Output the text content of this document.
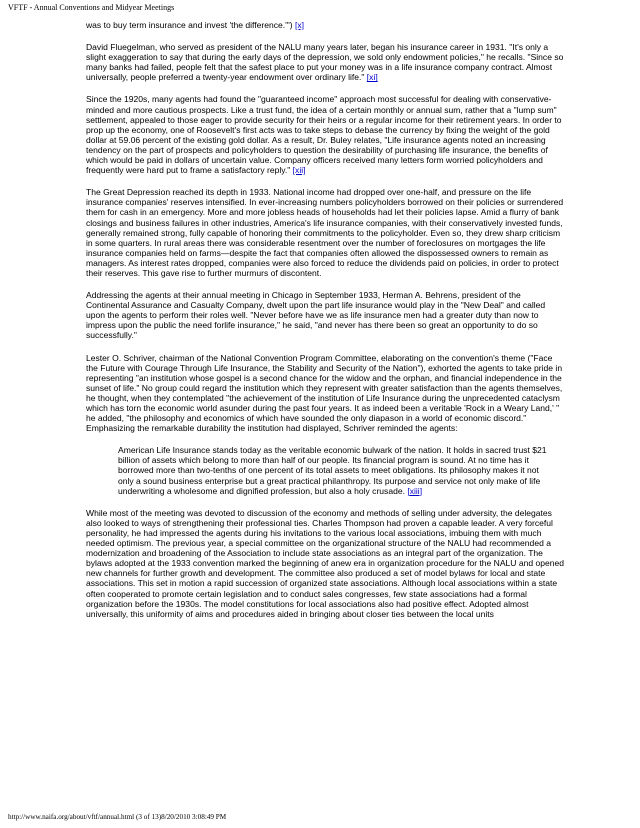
VFTF - Annual Conventions and Midyear Meetings

was to buy term insurance and invest 'the difference.'") [x]

David Fluegelman, who served as president of the NALU many years later, began his insurance career in 1931. "It's only a slight exaggeration to say that during the early days of the depression, we sold only endowment policies," he recalls. "Since so many banks had failed, people felt that the safest place to put your money was in a life insurance company contract. Almost universally, people preferred a twenty-year endowment over ordinary life." [xi]

Since the 1920s, many agents had found the "guaranteed income" approach most successful for dealing with conservative-minded and more cautious prospects. Like a trust fund, the idea of a certain monthly or annual sum, rather that a "lump sum" settlement, appealed to those eager to provide security for their heirs or a regular income for their retirement years. In order to prop up the economy, one of Roosevelt's first acts was to take steps to debase the currency by fixing the weight of the gold dollar at 59.06 percent of the existing gold dollar. As a result, Dr. Buley relates, "Life insurance agents noted an increasing tendency on the part of prospects and policyholders to question the desirability of purchasing life insurance, the benefits of which would be paid in dollars of uncertain value. Company officers received many letters form worried policyholders and frequently were hard put to frame a satisfactory reply." [xii]

The Great Depression reached its depth in 1933. National income had dropped over one-half, and pressure on the life insurance companies' reserves intensified. In ever-increasing numbers policyholders borrowed on their policies or surrendered them for cash in an emergency. More and more jobless heads of households had let their policies lapse. Amid a flurry of bank closings and business failures in other industries, America's life insurance companies, with their conservatively invested funds, generally remained strong, fully capable of honoring their commitments to the policyholder. Even so, they drew sharp criticism in some quarters. In rural areas there was considerable resentment over the number of foreclosures on mortgages the life insurance companies held on farms—despite the fact that companies often allowed the dispossessed owners to remain as managers. As interest rates dropped, companies were also forced to reduce the dividends paid on policies, in order to protect their reserves. This gave rise to further murmurs of discontent.

Addressing the agents at their annual meeting in Chicago in September 1933, Herman A. Behrens, president of the Continental Assurance and Casualty Company, dwelt upon the part life insurance would play in the "New Deal" and called upon the agents to perform their roles well. "Never before have we as life insurance men had a greater duty than now to impress upon the public the need forlife insurance," he said, "and never has there been so great an opportunity to do so successfully."

Lester O. Schriver, chairman of the National Convention Program Committee, elaborating on the convention's theme ("Face the Future with Courage Through Life Insurance, the Stability and Security of the Nation"), exhorted the agents to take pride in representing "an institution whose gospel is a second chance for the widow and the orphan, and financial independence in the sunset of life." No group could regard the institution which they represent with greater satisfaction than the agents themselves, he thought, when they contemplated "the achievement of the institution of Life Insurance during the unprecedented cataclysm which has torn the economic world asunder during the past four years. It as indeed been a veritable 'Rock in a Weary Land,' " he added, "the philosophy and economics of which have sounded the only diapason in a world of economic discord." Emphasizing the remarkable durability the institution had displayed, Schriver reminded the agents:

American Life Insurance stands today as the veritable economic bulwark of the nation. It holds in sacred trust $21 billion of assets which belong to more than half of our people. Its financial program is sound. At no time has it borrowed more than two-tenths of one percent of its total assets to meet obligations. Its philosophy makes it not only a sound business enterprise but a great practical philanthropy. Its purpose and service not only make of life underwriting a wholesome and dignified profession, but also a holy crusade. [xiii]

While most of the meeting was devoted to discussion of the economy and methods of selling under adversity, the delegates also looked to ways of strengthening their professional ties. Charles Thompson had proven a capable leader. A very forceful personality, he had impressed the agents during his invitations to the various local associations, imbuing them with much needed optimism. The previous year, a special committee on the organizational structure of the NALU had recommended a modernization and broadening of the Association to include state associations as an integral part of the organization. The bylaws adopted at the 1933 convention marked the beginning of anew era in organization procedure for the NALU and opened new channels for further growth and development. The committee also produced a set of model bylaws for local and state associations. This set in motion a rapid succession of organized state associations. Although local associations within a state often cooperated to promote certain legislation and to conduct sales congresses, few state associations had a formal organization before the 1930s. The model constitutions for local associations also had positive effect. Adopted almost universally, this uniformity of aims and procedures aided in bringing about closer ties between the local units

http://www.naifa.org/about/vftf/annual.html (3 of 13)8/20/2010 3:08:49 PM
